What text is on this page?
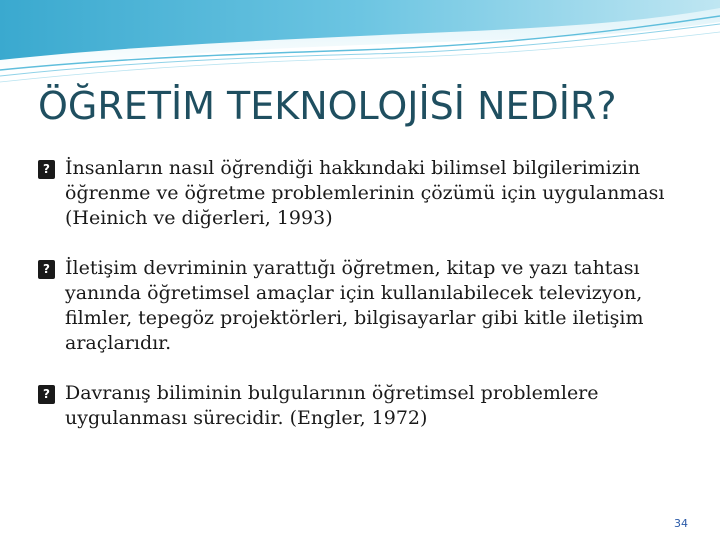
ÖĞRETİM TEKNOLOJİSİ NEDİR?
?
İnsanların nasıl öğrendiği hakkındaki bilimsel bilgilerimizin öğrenme ve öğretme problemlerinin çözümü için uygulanması (Heinich ve diğerleri, 1993)
?
İletişim devriminin yarattığı öğretmen, kitap ve yazı tahtası yanında öğretimsel amaçlar için kullanılabilecek televizyon, filmler, tepegöz projektörleri, bilgisayarlar gibi kitle iletişim araçlarıdır.
?
Davranış biliminin bulgularının öğretimsel problemlere uygulanması sürecidir. (Engler, 1972)
34
